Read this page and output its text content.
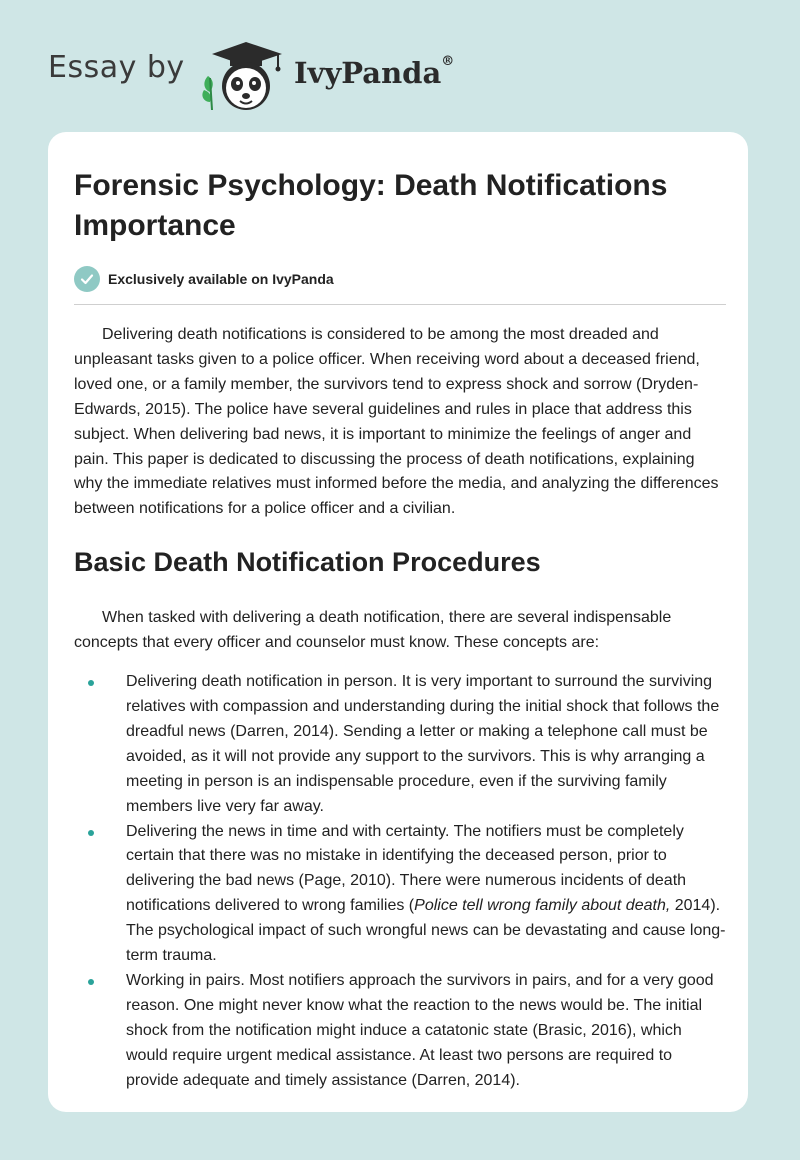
Essay by	IvyPanda®
Forensic Psychology: Death Notifications Importance
Exclusively available on IvyPanda

Delivering death notifications is considered to be among the most dreaded and unpleasant tasks given to a police officer. When receiving word about a deceased friend, loved one, or a family member, the survivors tend to express shock and sorrow (Dryden-Edwards, 2015). The police have several guidelines and rules in place that address this subject. When delivering bad news, it is important to minimize the feelings of anger and pain. This paper is dedicated to discussing the process of death notifications, explaining why the immediate relatives must informed before the media, and analyzing the differences between notifications for a police officer and a civilian.

Basic Death Notification Procedures

When tasked with delivering a death notification, there are several indispensable concepts that every officer and counselor must know. These concepts are:

Delivering death notification in person. It is very important to surround the surviving relatives with compassion and understanding during the initial shock that follows the dreadful news (Darren, 2014). Sending a letter or making a telephone call must be avoided, as it will not provide any support to the survivors. This is why arranging a meeting in person is an indispensable procedure, even if the surviving family members live very far away.
Delivering the news in time and with certainty. The notifiers must be completely certain that there was no mistake in identifying the deceased person, prior to delivering the bad news (Page, 2010). There were numerous incidents of death notifications delivered to wrong families (Police tell wrong family about death, 2014). The psychological impact of such wrongful news can be devastating and cause long-term trauma.
Working in pairs. Most notifiers approach the survivors in pairs, and for a very good reason. One might never know what the reaction to the news would be. The initial shock from the notification might induce a catatonic state (Brasic, 2016), which would require urgent medical assistance. At least two persons are required to provide adequate and timely assistance (Darren, 2014).
